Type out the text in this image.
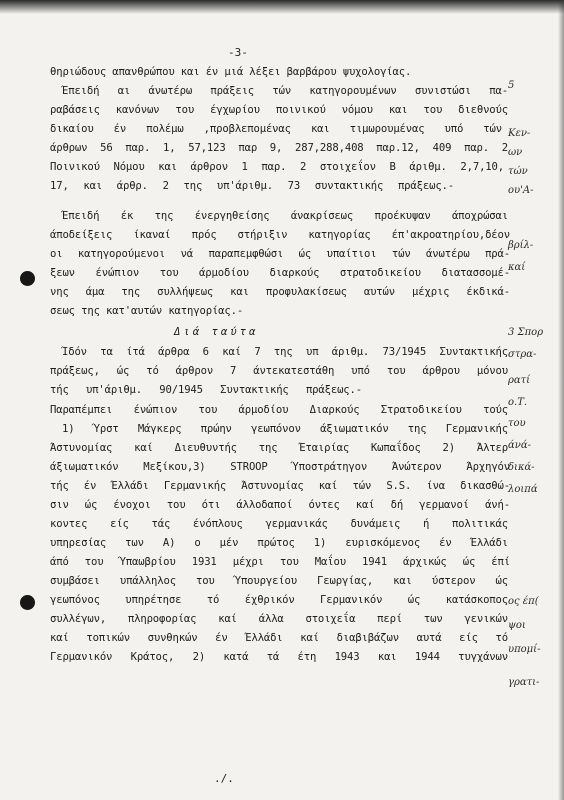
-3-
θηριώδους απανθρώπου και έν μιά λέξει βαρβάρου ψυχολογίας.
Έπειδή αι άνωτέρω πράξεις τών κατηγορουμένων συνιστώσι πα-
ραβάσεις κανόνων του έγχωρίου ποινικού νόμου και του διεθνούς
δικαίου έν πολέμω ,προβλεπομένας και τιμωρουμένας υπό τών
άρθρων 56 παρ. 1, 57,123 παρ 9, 287,288,408 παρ.12, 409 παρ. 2
Ποινικού Νόμου και άρθρον 1 παρ. 2 στοιχεΐον Β άριθμ. 2,7,10,
17, και άρθρ. 2 της υπ'άριθμ. 73 συντακτικής πράξεως.-
Έπειδή έκ της ένεργηθείσης άνακρίσεως προέκυψαν άποχρώσαι
άποδείξεις ίκαναί πρός στήριξιν κατηγορίας έπ'ακροατηρίου,δέον
οι κατηγορούμενοι νά παραπεμφθώσι ώς υπαίτιοι τών άνωτέρω πρά-
ξεων ένώπιον του άρμοδίου διαρκούς στρατοδικείου διατασσομέ-
νης άμα της συλλήψεως και προφυλακίσεως αυτών μέχρις έκδικά-
σεως της κατ'αυτών κατηγορίας.-
Διά ταύτα
Ίδόν τα ίτά άρθρα 6 καί 7 της υπ άριθμ. 73/1945 Συντακτικής
πράξεως, ώς τό άρθρον 7 άντεκατεστάθη υπό του άρθρου μόνου
τής υπ'άριθμ. 90/1945 Συντακτικής πράξεως.-
Παραπέμπει ένώπιον του άρμοδίου Διαρκούς Στρατοδικείου τούς
1) Ύρστ Μάγκερς πρώην γεωπόνον άξιωματικόν της Γερμανικής
Άστυνομίας καί Διευθυντής της Έταιρίας Κωπαΐδος 2) Άλτερ
άξιωματικόν Μεξίκου,3) STROOP Ύποστράτηγον Άνώτερον Άρχηγόν
τής έν Έλλάδι Γερμανικής Άστυνομίας καί τών S.S. ίνα δικασθώ-
σιν ώς ένοχοι του ότι άλλοδαποί όντες καί δή γερμανοί άνή-
κοντες είς τάς ένόπλους γερμανικάς δυνάμεις ή πολιτικάς
υπηρεσίας των Α) ο μέν πρώτος 1) ευρισκόμενος έν Έλλάδι
άπό του Ύπαωβρίου 1931 μέχρι του Μαΐου 1941 άρχικώς ώς έπί
συμβάσει υπάλληλος του Ύπουργείου Γεωργίας, και ύστερον ώς
γεωπόνος υπηρέτησε τό έχθρικόν Γερμανικόν ώς κατάσκοπος
συλλέγων, πληροφορίας καί άλλα στοιχεΐα περί των γενικών
καί τοπικών συνθηκών έν Έλλάδι καί διαβιβάζων αυτά είς τό
Γερμανικόν Κράτος, 2) κατά τά έτη 1943 και 1944 τυγχάνων
5
Κεν-
ων
τών
ου'Α-
βρίλ-
καί
3 Σπορ
στρα-
ρατί
ο.Τ.
του
άνά-
δικά-
λοιπά
ος έπ(
ψοι
υπομί-
γρατι-
./.
